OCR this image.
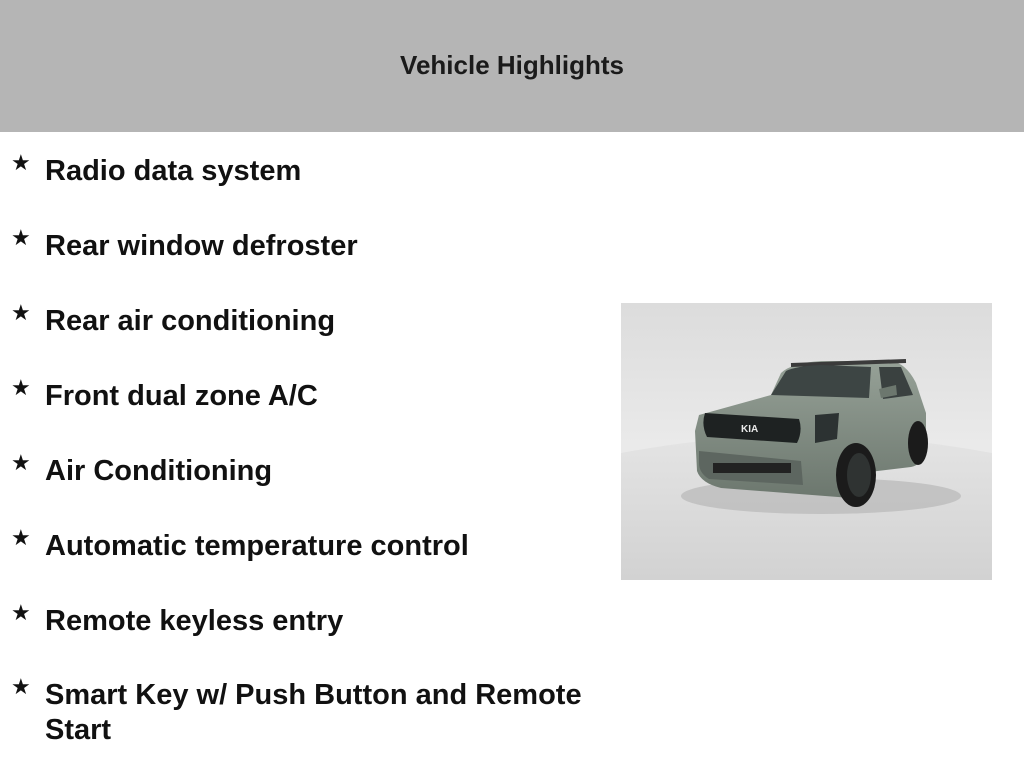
Vehicle Highlights
★ Radio data system
★ Rear window defroster
★ Rear air conditioning
★ Front dual zone A/C
★ Air Conditioning
★ Automatic temperature control
★ Remote keyless entry
★ Smart Key w/ Push Button and Remote Start
KIA
